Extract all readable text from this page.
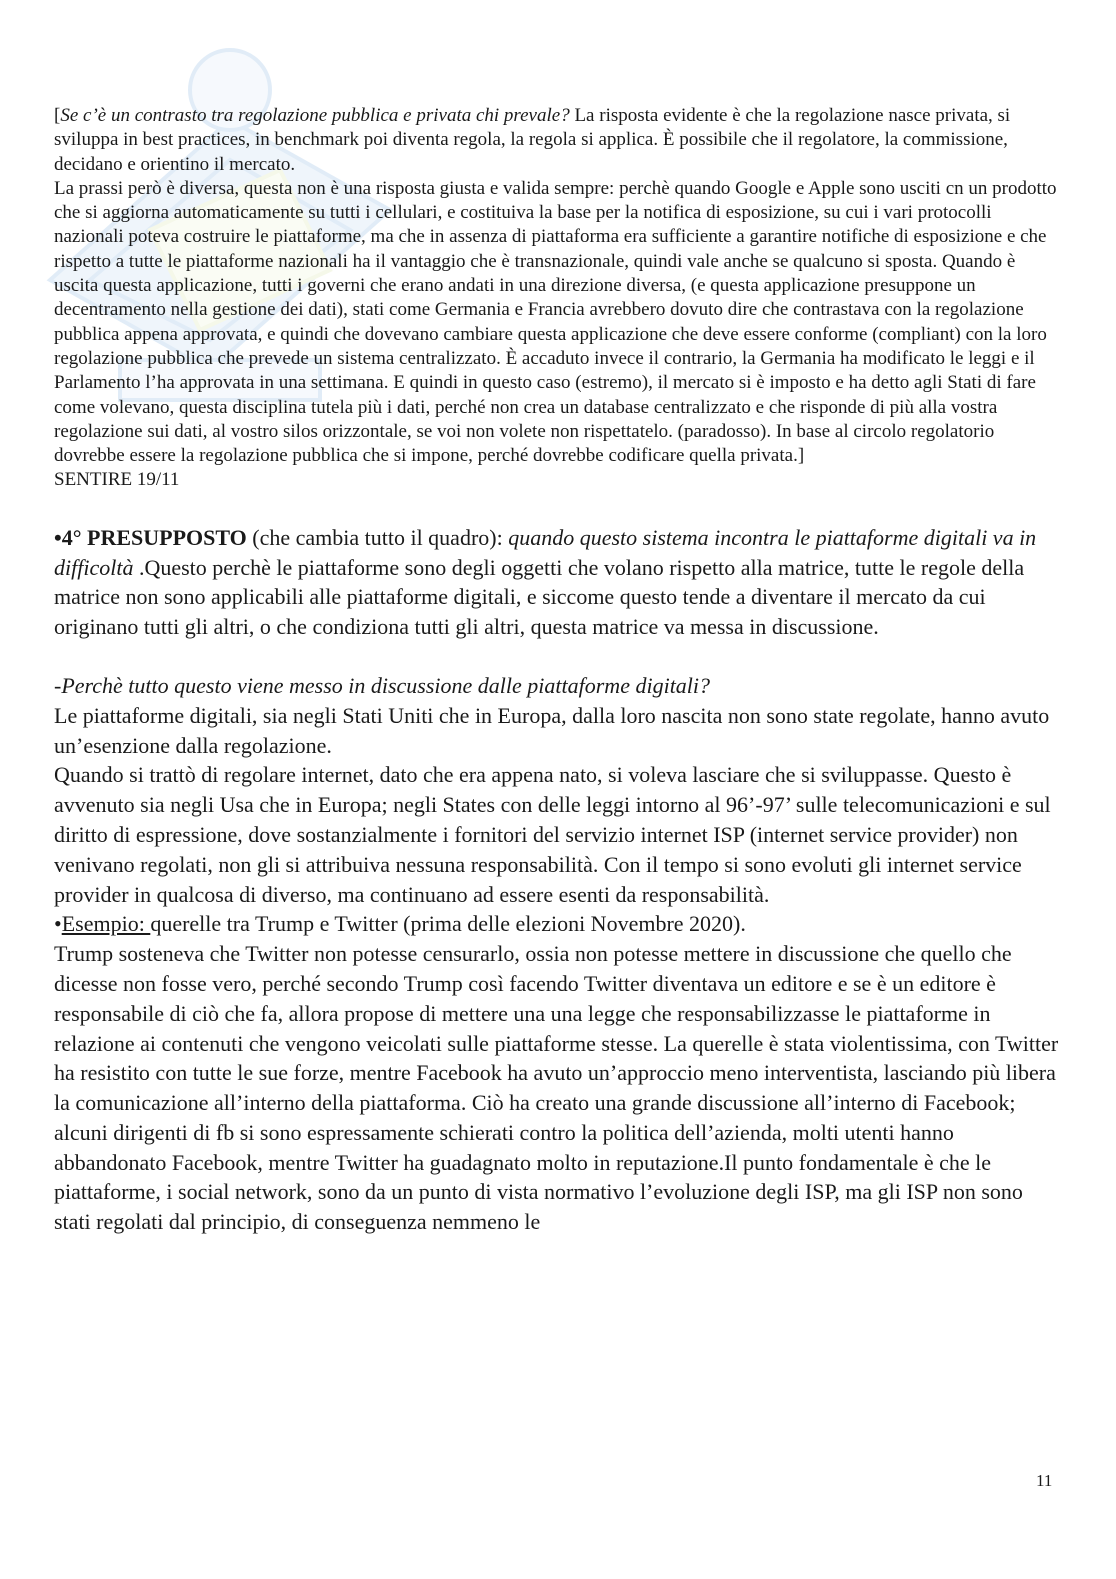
[Se c’è un contrasto tra regolazione pubblica e privata chi prevale? La risposta evidente è che la regolazione nasce privata, si sviluppa in best practices, in benchmark poi diventa regola, la regola si applica. È possibile che il regolatore, la commissione, decidano e orientino il mercato.

La prassi però è diversa, questa non è una risposta giusta e valida sempre: perchè quando Google e Apple sono usciti cn un prodotto che si aggiorna automaticamente su tutti i cellulari, e costituiva la base per la notifica di esposizione, su cui i vari protocolli nazionali poteva costruire le piattaforme, ma che in assenza di piattaforma era sufficiente a garantire notifiche di esposizione e che rispetto a tutte le piattaforme nazionali ha il vantaggio che è transnazionale, quindi vale anche se qualcuno si sposta. Quando è uscita questa applicazione, tutti i governi che erano andati in una direzione diversa, (e questa applicazione presuppone un decentramento nella gestione dei dati), stati come Germania e Francia avrebbero dovuto dire che contrastava con la regolazione pubblica appena approvata, e quindi che dovevano cambiare questa applicazione che deve essere conforme (compliant) con la loro regolazione pubblica che prevede un sistema centralizzato. È accaduto invece il contrario, la Germania ha modificato le leggi e il Parlamento l’ha approvata in una settimana. E quindi in questo caso (estremo), il mercato si è imposto e ha detto agli Stati di fare come volevano, questa disciplina tutela più i dati, perché non crea un database centralizzato e che risponde di più alla vostra regolazione sui dati, al vostro silos orizzontale, se voi non volete non rispettatelo. (paradosso). In base al circolo regolatorio dovrebbe essere la regolazione pubblica che si impone, perché dovrebbe codificare quella privata.]

SENTIRE 19/11

•4° PRESUPPOSTO (che cambia tutto il quadro): quando questo sistema incontra le piattaforme digitali va in difficoltà .Questo perchè le piattaforme sono degli oggetti che volano rispetto alla matrice, tutte le regole della matrice non sono applicabili alle piattaforme digitali, e siccome questo tende a diventare il mercato da cui originano tutti gli altri, o che condiziona tutti gli altri, questa matrice va messa in discussione.

-Perchè tutto questo viene messo in discussione dalle piattaforme digitali?

Le piattaforme digitali, sia negli Stati Uniti che in Europa, dalla loro nascita non sono state regolate, hanno avuto un’esenzione dalla regolazione.

Quando si trattò di regolare internet, dato che era appena nato, si voleva lasciare che si sviluppasse. Questo è avvenuto sia negli Usa che in Europa; negli States con delle leggi intorno al 96’-97’ sulle telecomunicazioni e sul diritto di espressione, dove sostanzialmente i fornitori del servizio internet ISP (internet service provider) non venivano regolati, non gli si attribuiva nessuna responsabilità. Con il tempo si sono evoluti gli internet service provider in qualcosa di diverso, ma continuano ad essere esenti da responsabilità.

•Esempio: querelle tra Trump e Twitter (prima delle elezioni Novembre 2020).

Trump sosteneva che Twitter non potesse censurarlo, ossia non potesse mettere in discussione che quello che dicesse non fosse vero, perché secondo Trump così facendo Twitter diventava un editore e se è un editore è responsabile di ciò che fa, allora propose di mettere una una legge che responsabilizzasse le piattaforme in relazione ai contenuti che vengono veicolati sulle piattaforme stesse. La querelle è stata violentissima, con Twitter ha resistito con tutte le sue forze, mentre Facebook ha avuto un’approccio meno interventista, lasciando più libera la comunicazione all’interno della piattaforma. Ciò ha creato una grande discussione all’interno di Facebook; alcuni dirigenti di fb si sono espressamente schierati contro la politica dell’azienda, molti utenti hanno abbandonato Facebook, mentre Twitter ha guadagnato molto in reputazione.Il punto fondamentale è che le piattaforme, i social network, sono da un punto di vista normativo l’evoluzione degli ISP, ma gli ISP non sono stati regolati dal principio, di conseguenza nemmeno le

11
